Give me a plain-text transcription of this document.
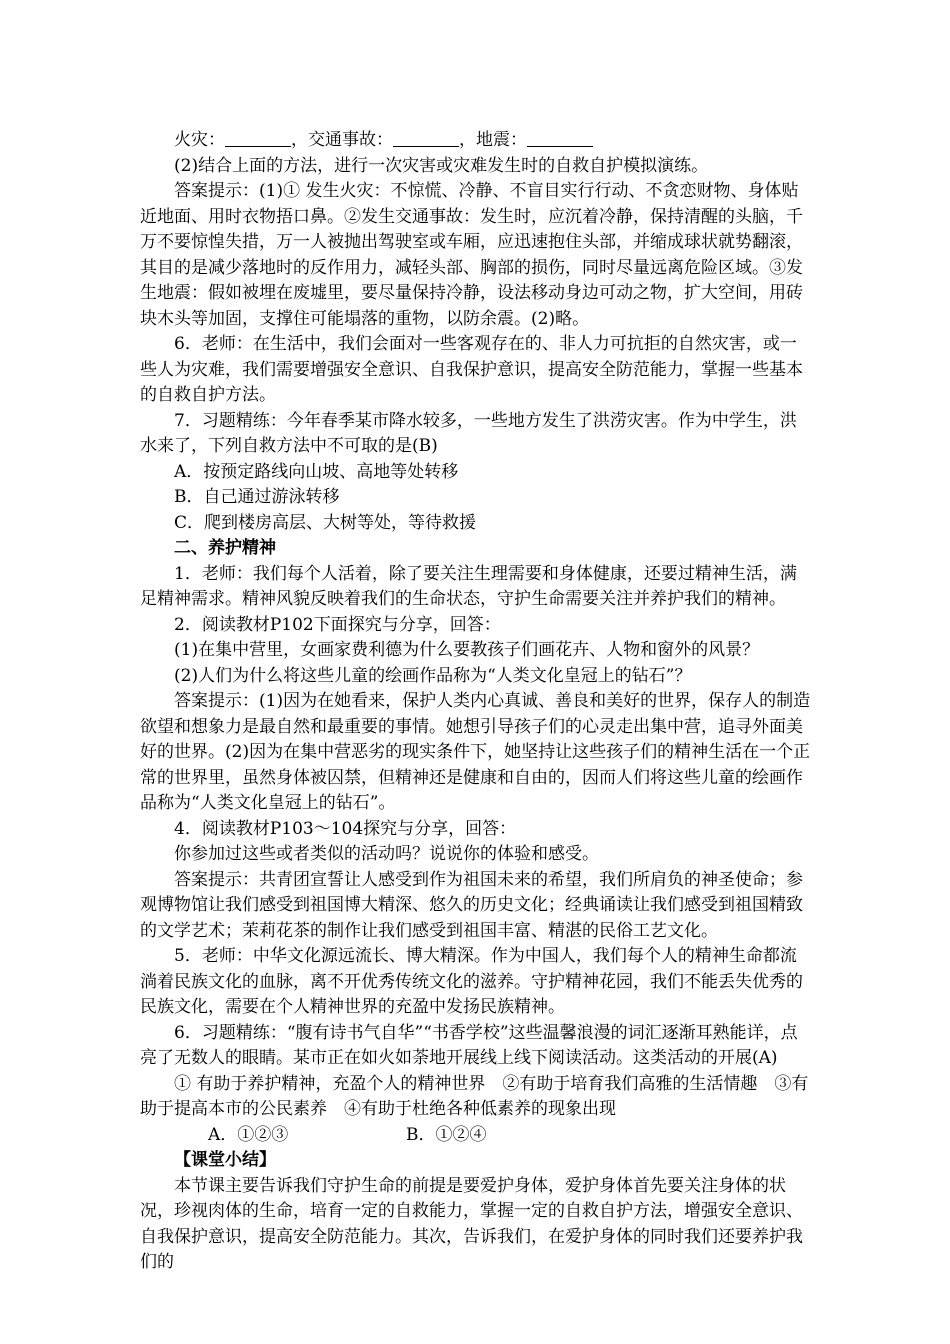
火灾：	，交通事故：	，地震：

(2)结合上面的方法，进行一次灾害或灾难发生时的自救自护模拟演练。

答案提示：(1)① 发生火灾：不惊慌、冷静、不盲目实行行动、不贪恋财物、身体贴近地面、用时衣物捂口鼻。②发生交通事故：发生时，应沉着冷静，保持清醒的头脑，千万不要惊惶失措，万一人被抛出驾驶室或车厢，应迅速抱住头部，并缩成球状就势翻滚，其目的是减少落地时的反作用力，减轻头部、胸部的损伤，同时尽量远离危险区域。③发生地震：假如被埋在废墟里，要尽量保持冷静，设法移动身边可动之物，扩大空间，用砖块木头等加固，支撑住可能塌落的重物，以防余震。(2)略。

6．老师：在生活中，我们会面对一些客观存在的、非人力可抗拒的自然灾害，或一些人为灾难，我们需要增强安全意识、自我保护意识，提高安全防范能力，掌握一些基本的自救自护方法。

7．习题精练：今年春季某市降水较多，一些地方发生了洪涝灾害。作为中学生，洪水来了，下列自救方法中不可取的是(B)

A．按预定路线向山坡、高地等处转移

B．自己通过游泳转移

C．爬到楼房高层、大树等处，等待救援

二、养护精神

1．老师：我们每个人活着，除了要关注生理需要和身体健康，还要过精神生活，满足精神需求。精神风貌反映着我们的生命状态，守护生命需要关注并养护我们的精神。

2．阅读教材P102下面探究与分享，回答：

(1)在集中营里，女画家费利德为什么要教孩子们画花卉、人物和窗外的风景？

(2)人们为什么将这些儿童的绘画作品称为“人类文化皇冠上的钻石”？

答案提示：(1)因为在她看来，保护人类内心真诚、善良和美好的世界，保存人的制造欲望和想象力是最自然和最重要的事情。她想引导孩子们的心灵走出集中营，追寻外面美好的世界。(2)因为在集中营恶劣的现实条件下，她坚持让这些孩子们的精神生活在一个正常的世界里，虽然身体被囚禁，但精神还是健康和自由的，因而人们将这些儿童的绘画作品称为“人类文化皇冠上的钻石”。

4．阅读教材P103～104探究与分享，回答：

你参加过这些或者类似的活动吗？说说你的体验和感受。

答案提示：共青团宣誓让人感受到作为祖国未来的希望，我们所肩负的神圣使命；参观博物馆让我们感受到祖国博大精深、悠久的历史文化；经典诵读让我们感受到祖国精致的文学艺术；茉莉花茶的制作让我们感受到祖国丰富、精湛的民俗工艺文化。

5．老师：中华文化源远流长、博大精深。作为中国人，我们每个人的精神生命都流淌着民族文化的血脉，离不开优秀传统文化的滋养。守护精神花园，我们不能丢失优秀的民族文化，需要在个人精神世界的充盈中发扬民族精神。

6．习题精练：“腹有诗书气自华”“书香学校”这些温馨浪漫的词汇逐渐耳熟能详，点亮了无数人的眼睛。某市正在如火如荼地开展线上线下阅读活动。这类活动的开展(A)

① 有助于养护精神，充盈个人的精神世界　②有助于培育我们高雅的生活情趣　③有助于提高本市的公民素养　④有助于杜绝各种低素养的现象出现

A．①②③	B．①②④

【课堂小结】

本节课主要告诉我们守护生命的前提是要爱护身体，爱护身体首先要关注身体的状况，珍视肉体的生命，培育一定的自救能力，掌握一定的自救自护方法，增强安全意识、自我保护意识，提高安全防范能力。其次，告诉我们，在爱护身体的同时我们还要养护我们的
